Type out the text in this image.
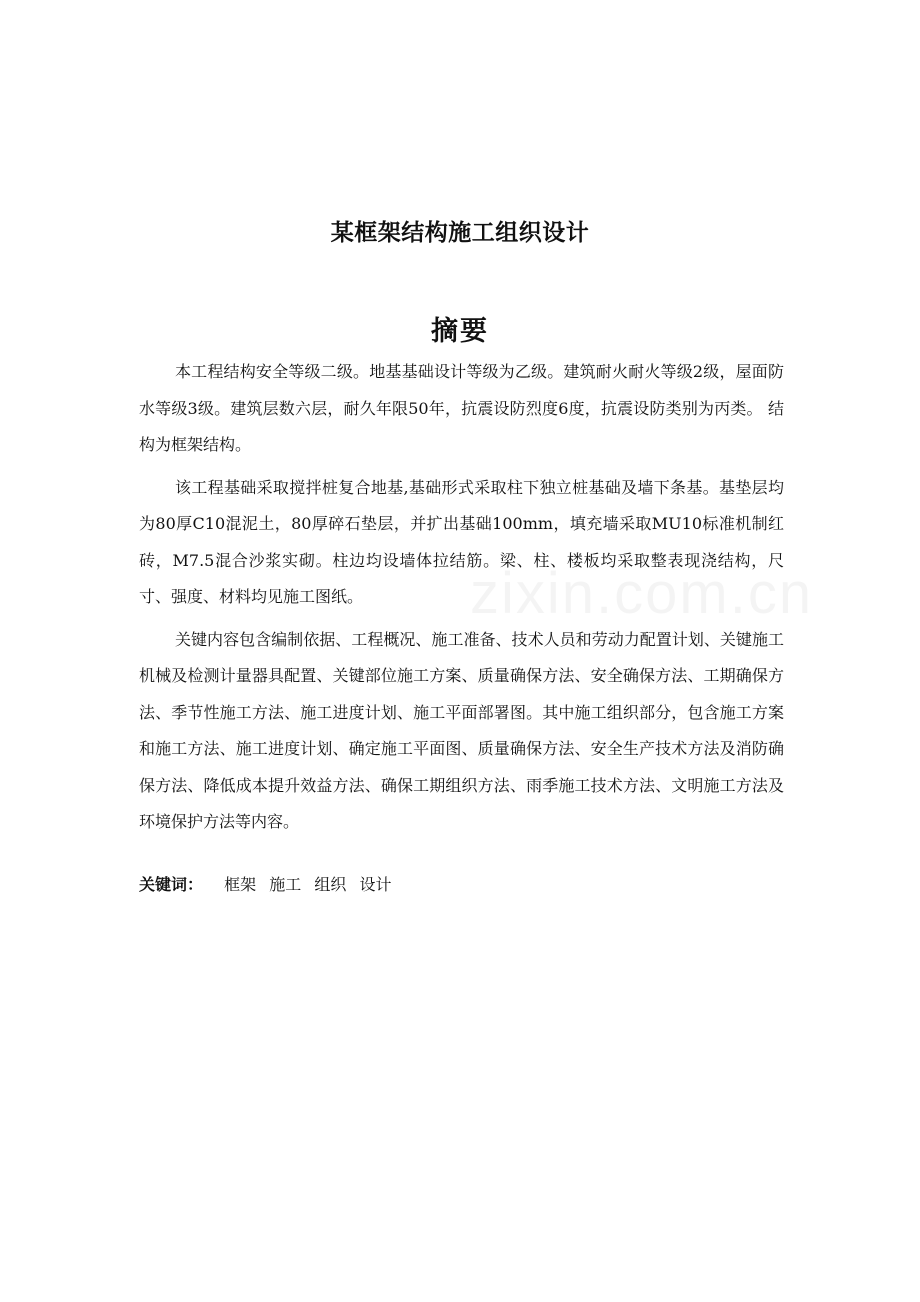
某框架结构施工组织设计
摘要

本工程结构安全等级二级。地基基础设计等级为乙级。建筑耐火耐火等级2级，屋面防水等级3级。建筑层数六层，耐久年限50年，抗震设防烈度6度，抗震设防类别为丙类。 结构为框架结构。

该工程基础采取搅拌桩复合地基,基础形式采取柱下独立桩基础及墙下条基。基垫层均为80厚C10混泥土，80厚碎石垫层，并扩出基础100mm，填充墙采取MU10标准机制红砖，M7.5混合沙浆实砌。柱边均设墙体拉结筋。梁、柱、楼板均采取整表现浇结构，尺寸、强度、材料均见施工图纸。

关键内容包含编制依据、工程概况、施工准备、技术人员和劳动力配置计划、关键施工机械及检测计量器具配置、关键部位施工方案、质量确保方法、安全确保方法、工期确保方法、季节性施工方法、施工进度计划、施工平面部署图。其中施工组织部分，包含施工方案和施工方法、施工进度计划、确定施工平面图、质量确保方法、安全生产技术方法及消防确保方法、降低成本提升效益方法、确保工期组织方法、雨季施工技术方法、文明施工方法及环境保护方法等内容。

关键词： 框架 施工 组织 设计
